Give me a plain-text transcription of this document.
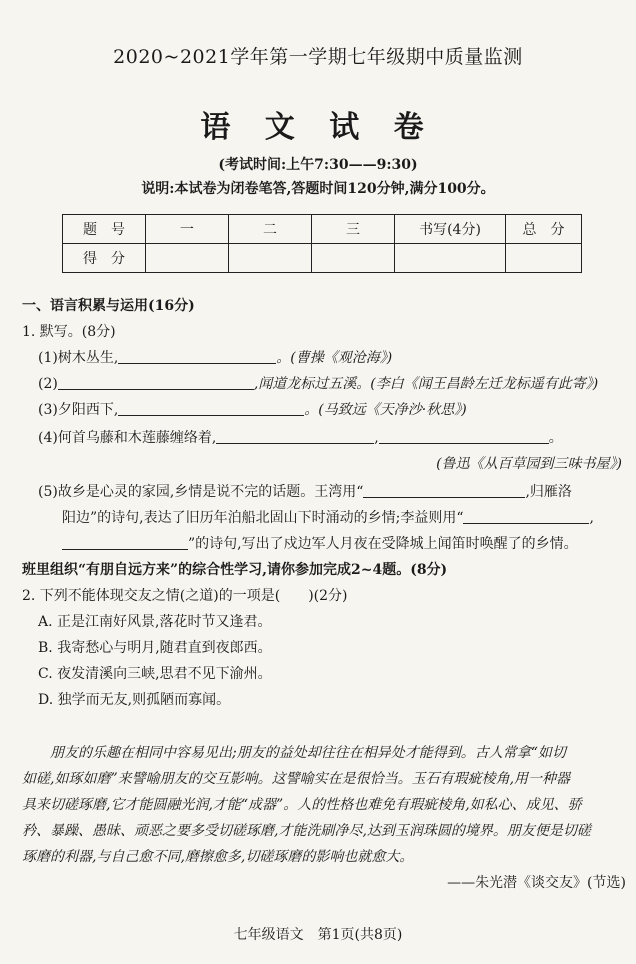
2020~2021学年第一学期七年级期中质量监测
语 文 试 卷
(考试时间:上午7:30——9:30)
说明:本试卷为闭卷笔答,答题时间120分钟,满分100分。
题　号	一	二	三	书写(4分)	总　分
得　分					
一、语言积累与运用(16分)
1. 默写。(8分)
(1)树木丛生,	。(曹操《观沧海》)
(2)	,闻道龙标过五溪。(李白《闻王昌龄左迁龙标遥有此寄》)
(3)夕阳西下,	。(马致远《天净沙·秋思》)
(4)何首乌藤和木莲藤缠络着,	,	。
(鲁迅《从百草园到三味书屋》)
(5)故乡是心灵的家园,乡情是说不完的话题。王湾用“	,归雁洛
阳边”的诗句,表达了旧历年泊船北固山下时涌动的乡情;李益则用“	,
”的诗句,写出了戍边军人月夜在受降城上闻笛时唤醒了的乡情。
班里组织“有朋自远方来”的综合性学习,请你参加完成2~4题。(8分)
2. 下列不能体现交友之情(之道)的一项是(　　)(2分)
A. 正是江南好风景,落花时节又逢君。
B. 我寄愁心与明月,随君直到夜郎西。
C. 夜发清溪向三峡,思君不见下渝州。
D. 独学而无友,则孤陋而寡闻。

　　朋友的乐趣在相同中容易见出;朋友的益处却往往在相异处才能得到。古人常拿“如切

如磋,如琢如磨”来譬喻朋友的交互影响。这譬喻实在是很恰当。玉石有瑕疵棱角,用一种器

具来切磋琢磨,它才能圆融光润,才能“成器”。人的性格也难免有瑕疵棱角,如私心、成见、骄

矜、暴躁、愚昧、顽恶之要多受切磋琢磨,才能洗刷净尽,达到玉润珠圆的境界。朋友便是切磋

琢磨的利器,与自己愈不同,磨擦愈多,切磋琢磨的影响也就愈大。

——朱光潜《谈交友》(节选)
七年级语文　第1页(共8页)
